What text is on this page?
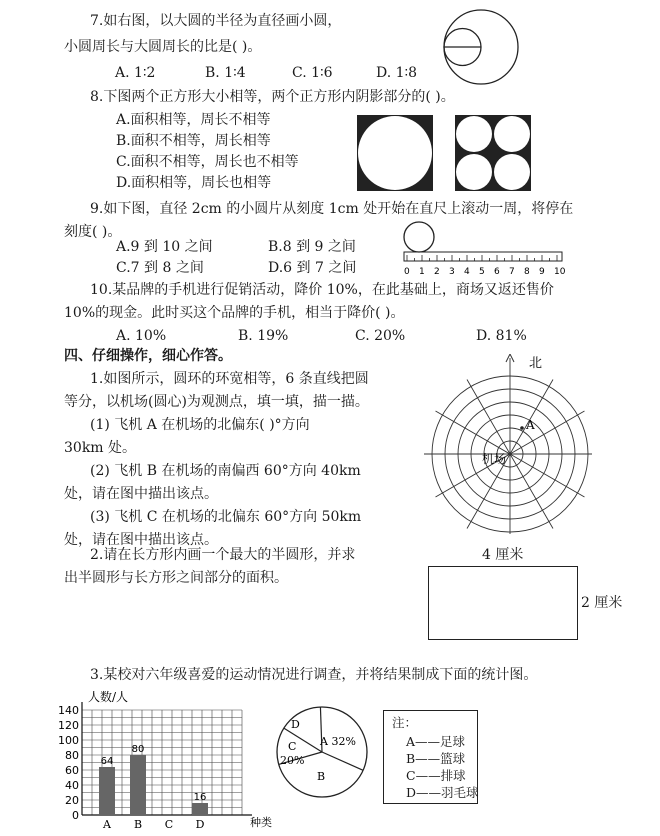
7.如右图，以大圆的半径为直径画小圆，
小圆周长与大圆周长的比是( )。
A. 1∶2	B. 1∶4	C. 1∶6	D. 1∶8
8.下图两个正方形大小相等，两个正方形内阴影部分的( )。
A.面积相等，周长不相等
B.面积不相等，周长相等
C.面积不相等，周长也不相等
D.面积相等，周长也相等
9.如下图，直径 2cm 的小圆片从刻度 1cm 处开始在直尺上滚动一周，将停在
刻度( )。
A.9 到 10 之间	B.8 到 9 之间
C.7 到 8 之间	D.6 到 7 之间	0 1 2 3 4 5 6 7 8 9 10
10.某品牌的手机进行促销活动，降价 10%，在此基础上，商场又返还售价
10%的现金。此时买这个品牌的手机，相当于降价( )。
A. 10%	B. 19%	C. 20%	D. 81%
四、仔细操作，细心作答。
1.如图所示，圆环的环宽相等，6 条直线把圆
等分，以机场(圆心)为观测点，填一填，描一描。
(1) 飞机 A 在机场的北偏东( )°方向
30km 处。
(2) 飞机 B 在机场的南偏西 60°方向 40km
处，请在图中描出该点。
(3) 飞机 C 在机场的北偏东 60°方向 50km
处，请在图中描出该点。
北
机场
A
2.请在长方形内画一个最大的半圆形，并求
出半圆形与长方形之间部分的面积。
4 厘米
2 厘米
3.某校对六年级喜爱的运动情况进行调查，并将结果制成下面的统计图。
人数/人
0
20
40
60
80
100
120
140
64
80
16
A B C D	种类
A 32%
B
C 20%
D	注：
A——足球
B——篮球
C——排球
D——羽毛球
